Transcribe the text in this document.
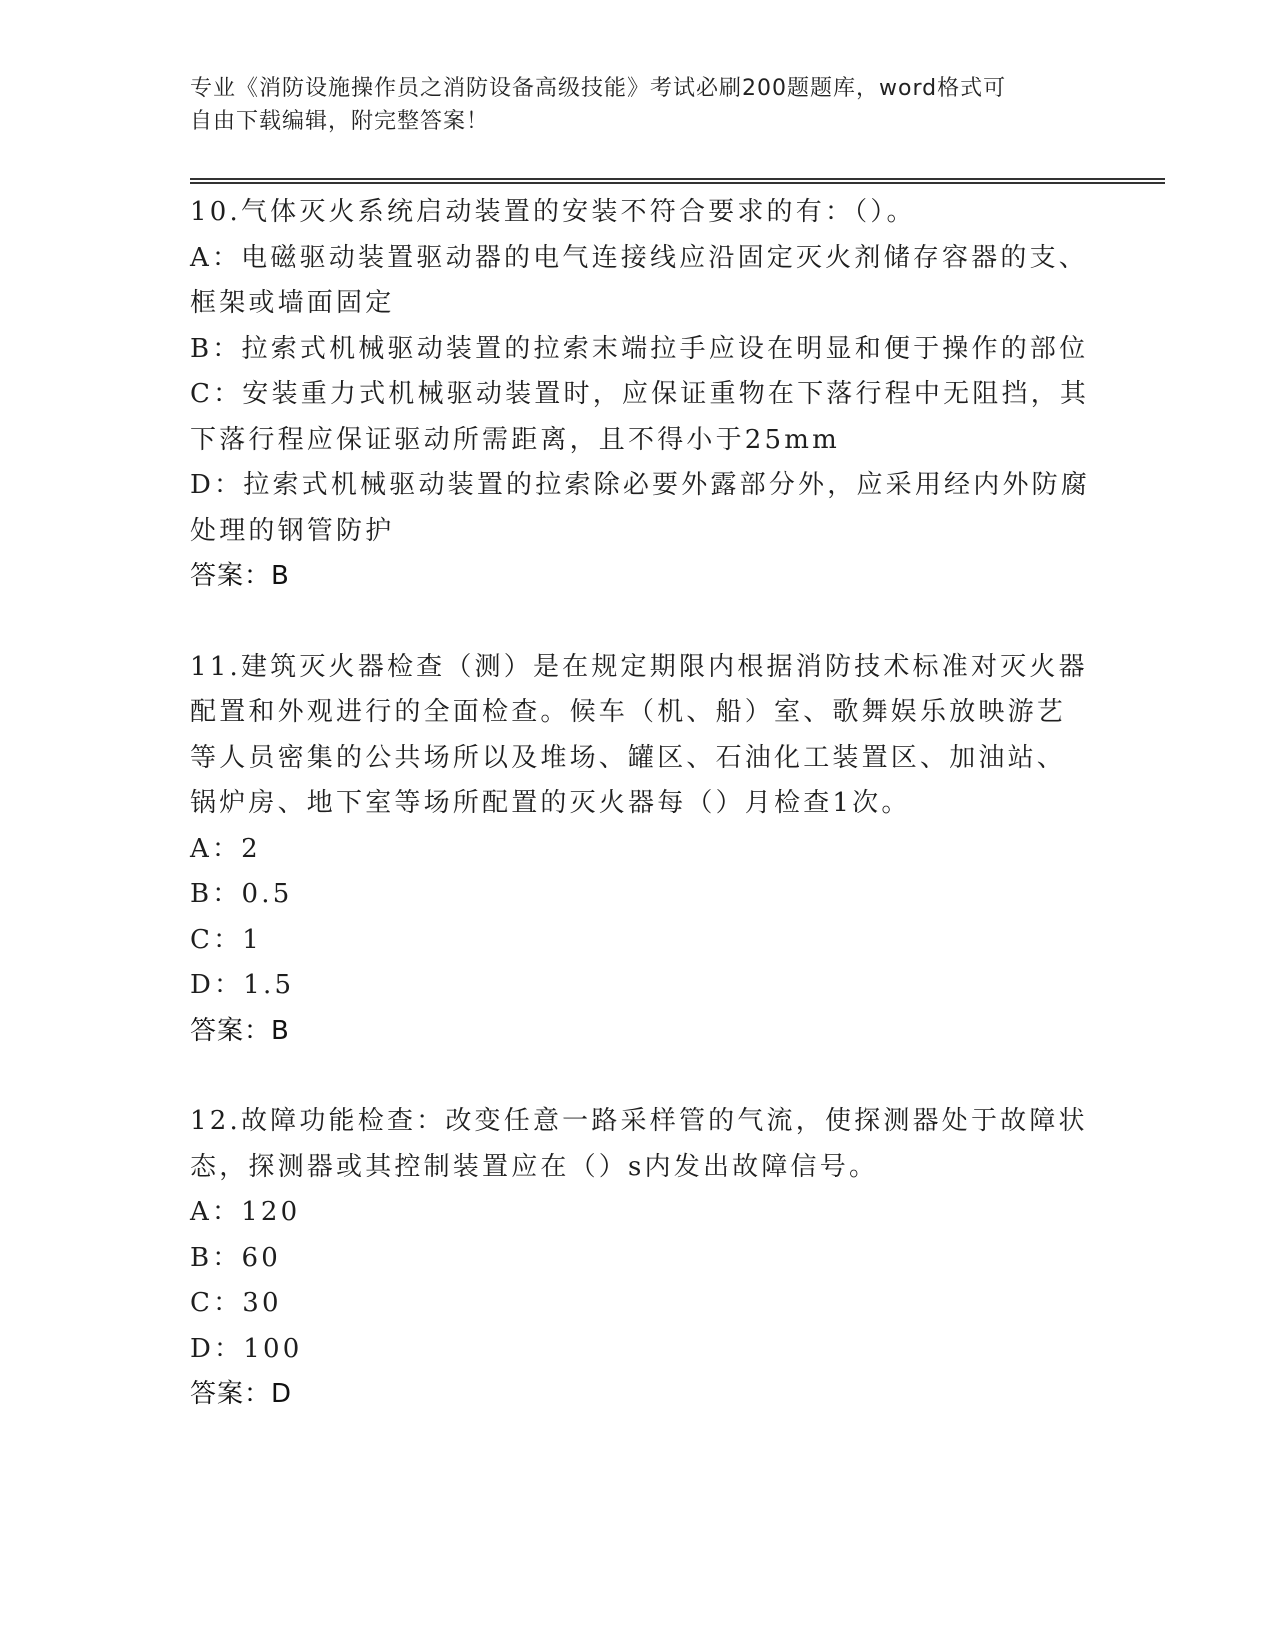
专业《消防设施操作员之消防设备高级技能》考试必刷200题题库，word格式可
自由下载编辑，附完整答案！
10.气体灭火系统启动装置的安装不符合要求的有：（）。
A：电磁驱动装置驱动器的电气连接线应沿固定灭火剂储存容器的支、
框架或墙面固定
B：拉索式机械驱动装置的拉索末端拉手应设在明显和便于操作的部位
C：安装重力式机械驱动装置时，应保证重物在下落行程中无阻挡，其
下落行程应保证驱动所需距离，且不得小于25mm
D：拉索式机械驱动装置的拉索除必要外露部分外，应采用经内外防腐
处理的钢管防护
答案：B
11.建筑灭火器检查（测）是在规定期限内根据消防技术标准对灭火器
配置和外观进行的全面检查。候车（机、船）室、歌舞娱乐放映游艺
等人员密集的公共场所以及堆场、罐区、石油化工装置区、加油站、
锅炉房、地下室等场所配置的灭火器每（）月检查1次。
A：2
B：0.5
C：1
D：1.5
答案：B
12.故障功能检查：改变任意一路采样管的气流，使探测器处于故障状
态，探测器或其控制装置应在（）s内发出故障信号。
A：120
B：60
C：30
D：100
答案：D
